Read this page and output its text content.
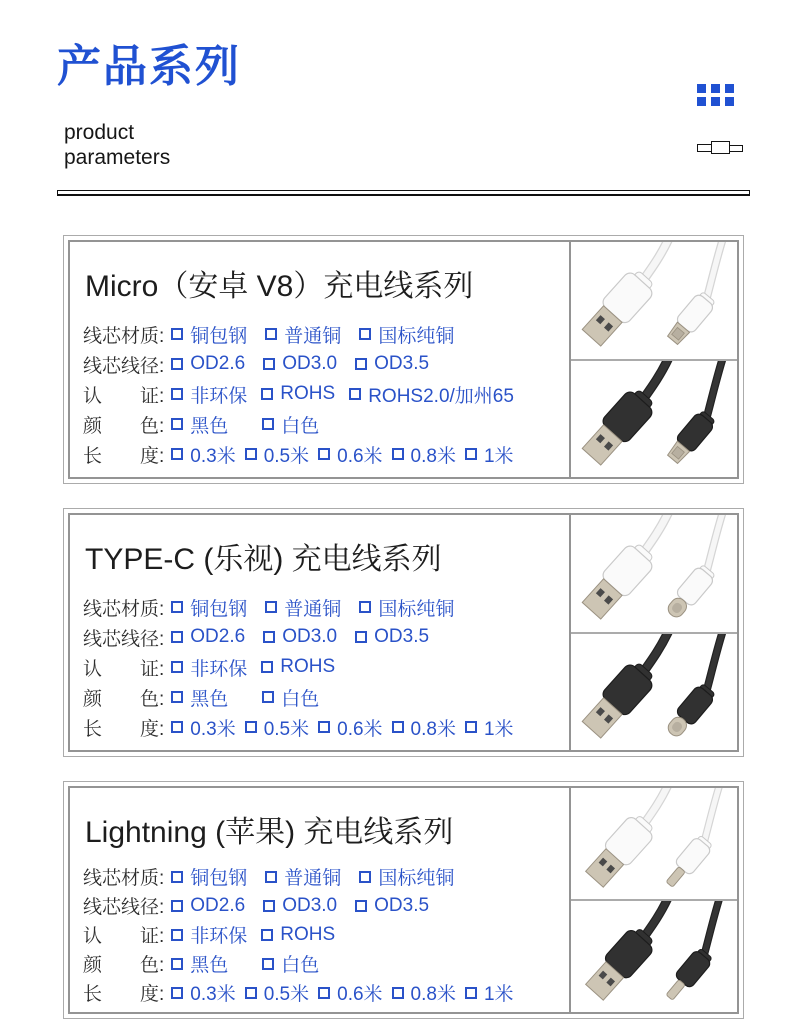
产品系列
product
parameters
Micro（安卓 V8）充电线系列
线芯材质: 铜包钢 普通铜 国标纯铜
线芯线径: OD2.6 OD3.0 OD3.5
认　　证: 非环保 ROHS ROHS2.0/加州65
颜　　色: 黑色	白色
长　　度: 0.3米 0.5米 0.6米 0.8米 1米
TYPE-C (乐视) 充电线系列
线芯材质: 铜包钢 普通铜 国标纯铜
线芯线径: OD2.6 OD3.0 OD3.5
认　　证: 非环保 ROHS
颜　　色: 黑色	白色
长　　度: 0.3米 0.5米 0.6米 0.8米 1米
Lightning (苹果) 充电线系列
线芯材质: 铜包钢 普通铜 国标纯铜
线芯线径: OD2.6 OD3.0 OD3.5
认　　证: 非环保 ROHS
颜　　色: 黑色	白色
长　　度: 0.3米 0.5米 0.6米 0.8米 1米
